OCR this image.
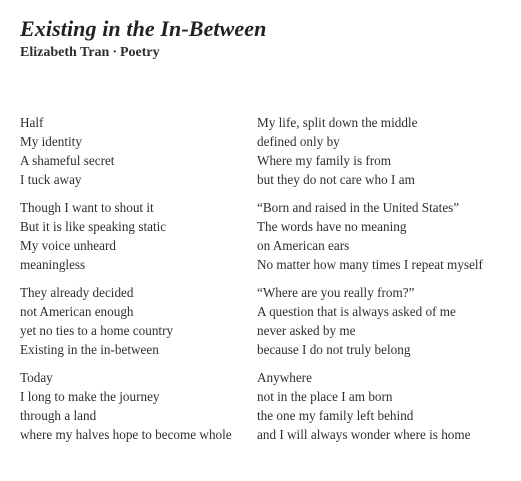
Existing in the In-Between

Elizabeth Tran · Poetry

Half
My identity
A shameful secret
I tuck away
Though I want to shout it
But it is like speaking static
My voice unheard
meaningless
They already decided
not American enough
yet no ties to a home country
Existing in the in-between
Today
I long to make the journey
through a land
where my halves hope to become whole
My life, split down the middle
defined only by
Where my family is from
but they do not care who I am
“Born and raised in the United States”
The words have no meaning
on American ears
No matter how many times I repeat myself
“Where are you really from?”
A question that is always asked of me
never asked by me
because I do not truly belong
Anywhere
not in the place I am born
the one my family left behind
and I will always wonder where is home
